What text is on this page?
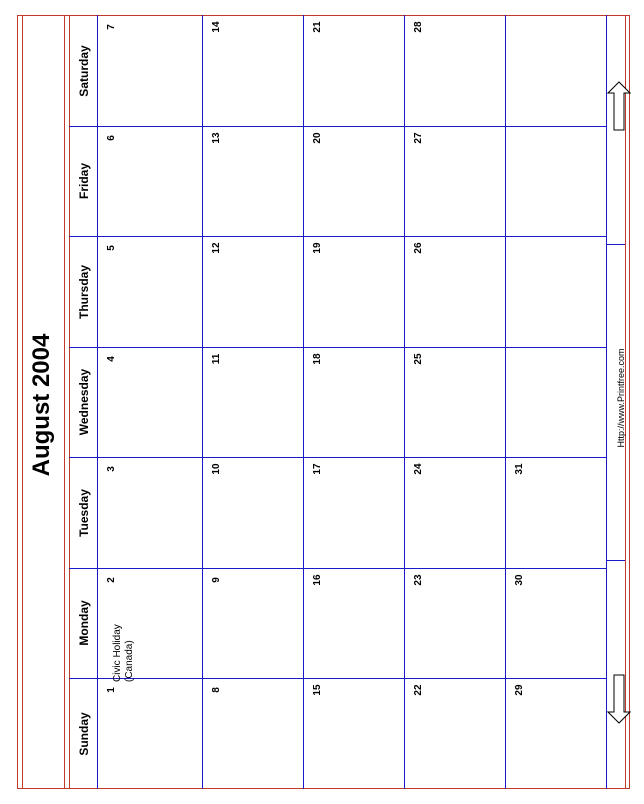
August 2004
Sunday
Monday
Tuesday
Wednesday
Thursday
Friday
Saturday
1
2
3
4
5
6
7
8
9
10
11
12
13
14
15
16
17
18
19
20
21
22
23
24
25
26
27
28
29
30
31
Civic Holiday
(Canada)
Http://www.Printfree.com
